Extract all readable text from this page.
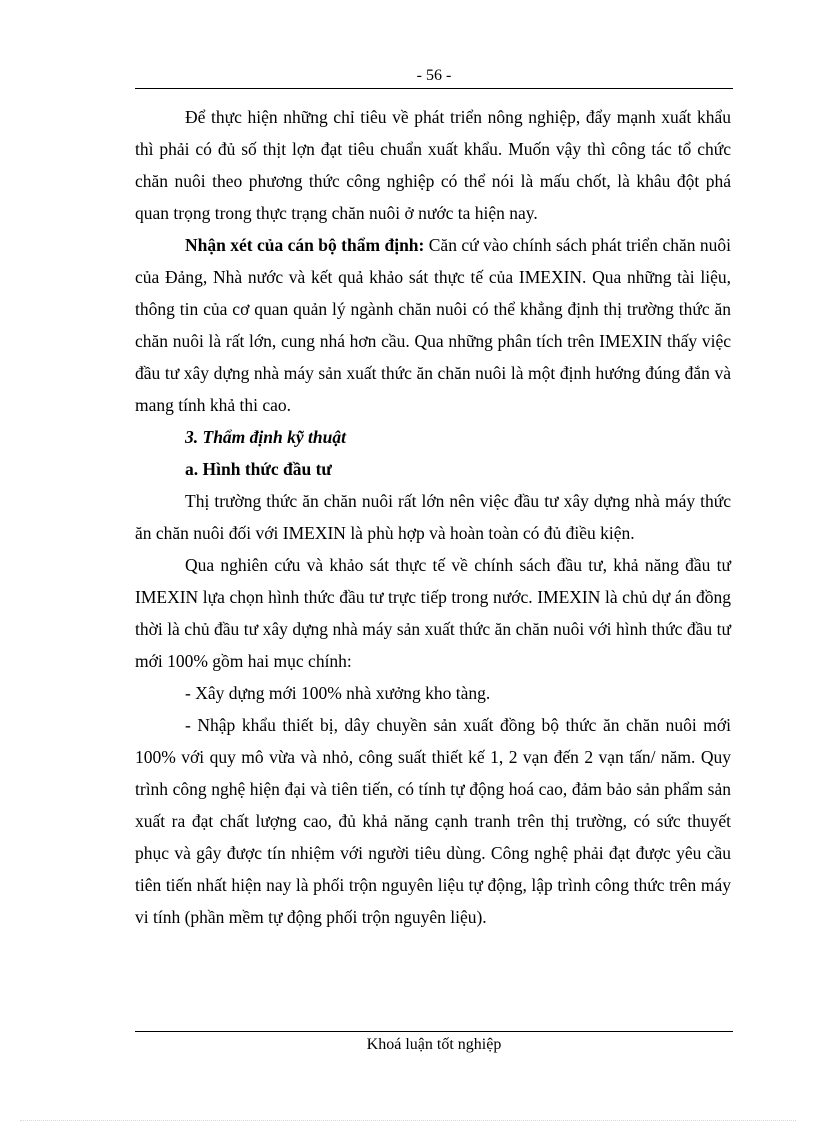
- 56 -

Để thực hiện những chỉ tiêu về phát triển nông nghiệp, đẩy mạnh xuất khẩu thì phải có đủ số thịt lợn đạt tiêu chuẩn xuất khẩu. Muốn vậy thì công tác tổ chức chăn nuôi theo phương thức công nghiệp có thể nói là mấu chốt, là khâu đột phá quan trọng trong thực trạng chăn nuôi ở nước ta hiện nay.

Nhận xét của cán bộ thẩm định: Căn cứ vào chính sách phát triển chăn nuôi của Đảng, Nhà nước và kết quả khảo sát thực tế của IMEXIN. Qua những tài liệu, thông tin của cơ quan quản lý ngành chăn nuôi có thể khẳng định thị trường thức ăn chăn nuôi là rất lớn, cung nhá hơn cầu. Qua những phân tích trên IMEXIN thấy việc đầu tư xây dựng nhà máy sản xuất thức ăn chăn nuôi là một định hướng đúng đắn và mang tính khả thi cao.

3. Thẩm định kỹ thuật

a. Hình thức đầu tư

Thị trường thức ăn chăn nuôi rất lớn nên việc đầu tư xây dựng nhà máy thức ăn chăn nuôi đối với IMEXIN là phù hợp và hoàn toàn có đủ điều kiện.

Qua nghiên cứu và khảo sát thực tế về chính sách đầu tư, khả năng đầu tư IMEXIN lựa chọn hình thức đầu tư trực tiếp trong nước. IMEXIN là chủ dự án đồng thời là chủ đầu tư xây dựng nhà máy sản xuất thức ăn chăn nuôi với hình thức đầu tư mới 100% gồm hai mục chính:

- Xây dựng mới 100% nhà xưởng kho tàng.

- Nhập khẩu thiết bị, dây chuyền sản xuất đồng bộ thức ăn chăn nuôi mới 100% với quy mô vừa và nhỏ, công suất thiết kế 1, 2 vạn đến 2 vạn tấn/ năm. Quy trình công nghệ hiện đại và tiên tiến, có tính tự động hoá cao, đảm bảo sản phẩm sản xuất ra đạt chất lượng cao, đủ khả năng cạnh tranh trên thị trường, có sức thuyết phục và gây được tín nhiệm với người tiêu dùng. Công nghệ phải đạt được yêu cầu tiên tiến nhất hiện nay là phối trộn nguyên liệu tự động, lập trình công thức trên máy vi tính (phần mềm tự động phối trộn nguyên liệu).

Khoá luận tốt nghiệp
